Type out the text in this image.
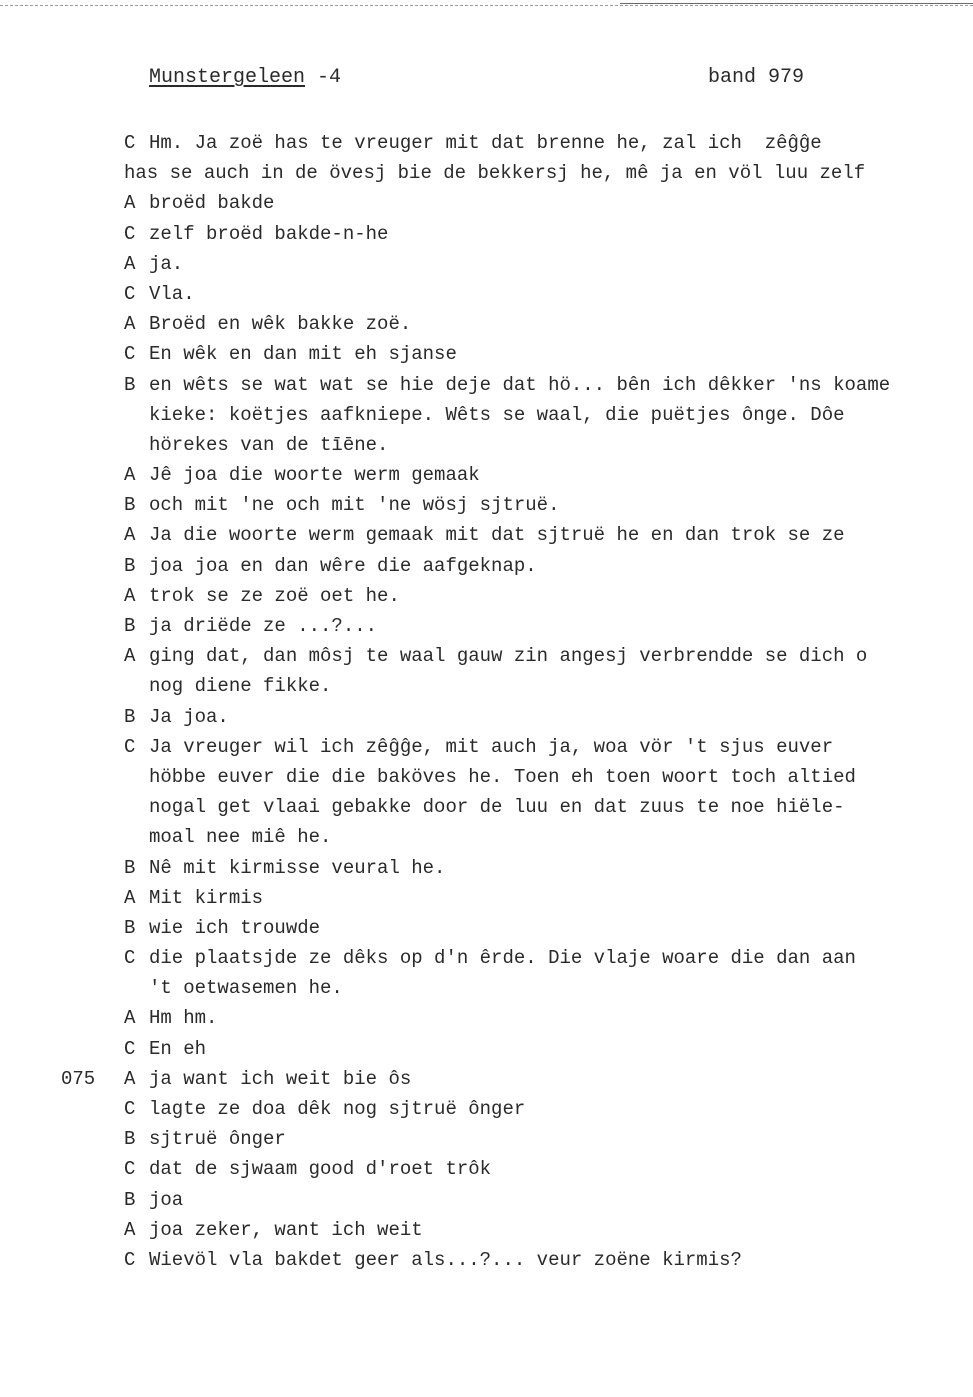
Munstergeleen -4	band 979
C Hm. Ja zoë has te vreuger mit dat brenne he, zal ich  zêĝĝe
has se auch in de övesj bie de bekkersj he, mê ja en völ luu zelf
A broëd bakde
C zelf broëd bakde-n-he
A ja.
C Vla.
A Broëd en wêk bakke zoë.
C En wêk en dan mit eh sjanse
B en wêts se wat wat se hie deje dat hö... bên ich dêkker 'ns koame
kieke: koëtjes aafkniepe. Wêts se waal, die puëtjes ônge. Dôe
hörekes van de tīēne.
A Jê joa die woorte werm gemaak
B och mit 'ne och mit 'ne wösj sjtruë.
A Ja die woorte werm gemaak mit dat sjtruë he en dan trok se ze
B joa joa en dan wêre die aafgeknap.
A trok se ze zoë oet he.
B ja driëde ze ...?...
A ging dat, dan môsj te waal gauw zin angesj verbrendde se dich o
nog diene fikke.
B Ja joa.
C Ja vreuger wil ich zêĝĝe, mit auch ja, woa vör 't sjus euver
höbbe euver die die baköves he. Toen eh toen woort toch altied
nogal get vlaai gebakke door de luu en dat zuus te noe hiële-
moal nee miê he.
B Nê mit kirmisse veural he.
A Mit kirmis
B wie ich trouwde
C die plaatsjde ze dêks op d'n êrde. Die vlaje woare die dan aan
't oetwasemen he.
A Hm hm.
C En eh
075 A ja want ich weit bie ôs
C lagte ze doa dêk nog sjtruë ônger
B sjtruë ônger
C dat de sjwaam good d'roet trôk
B joa
A joa zeker, want ich weit
C Wievöl vla bakdet geer als...?... veur zoëne kirmis?
